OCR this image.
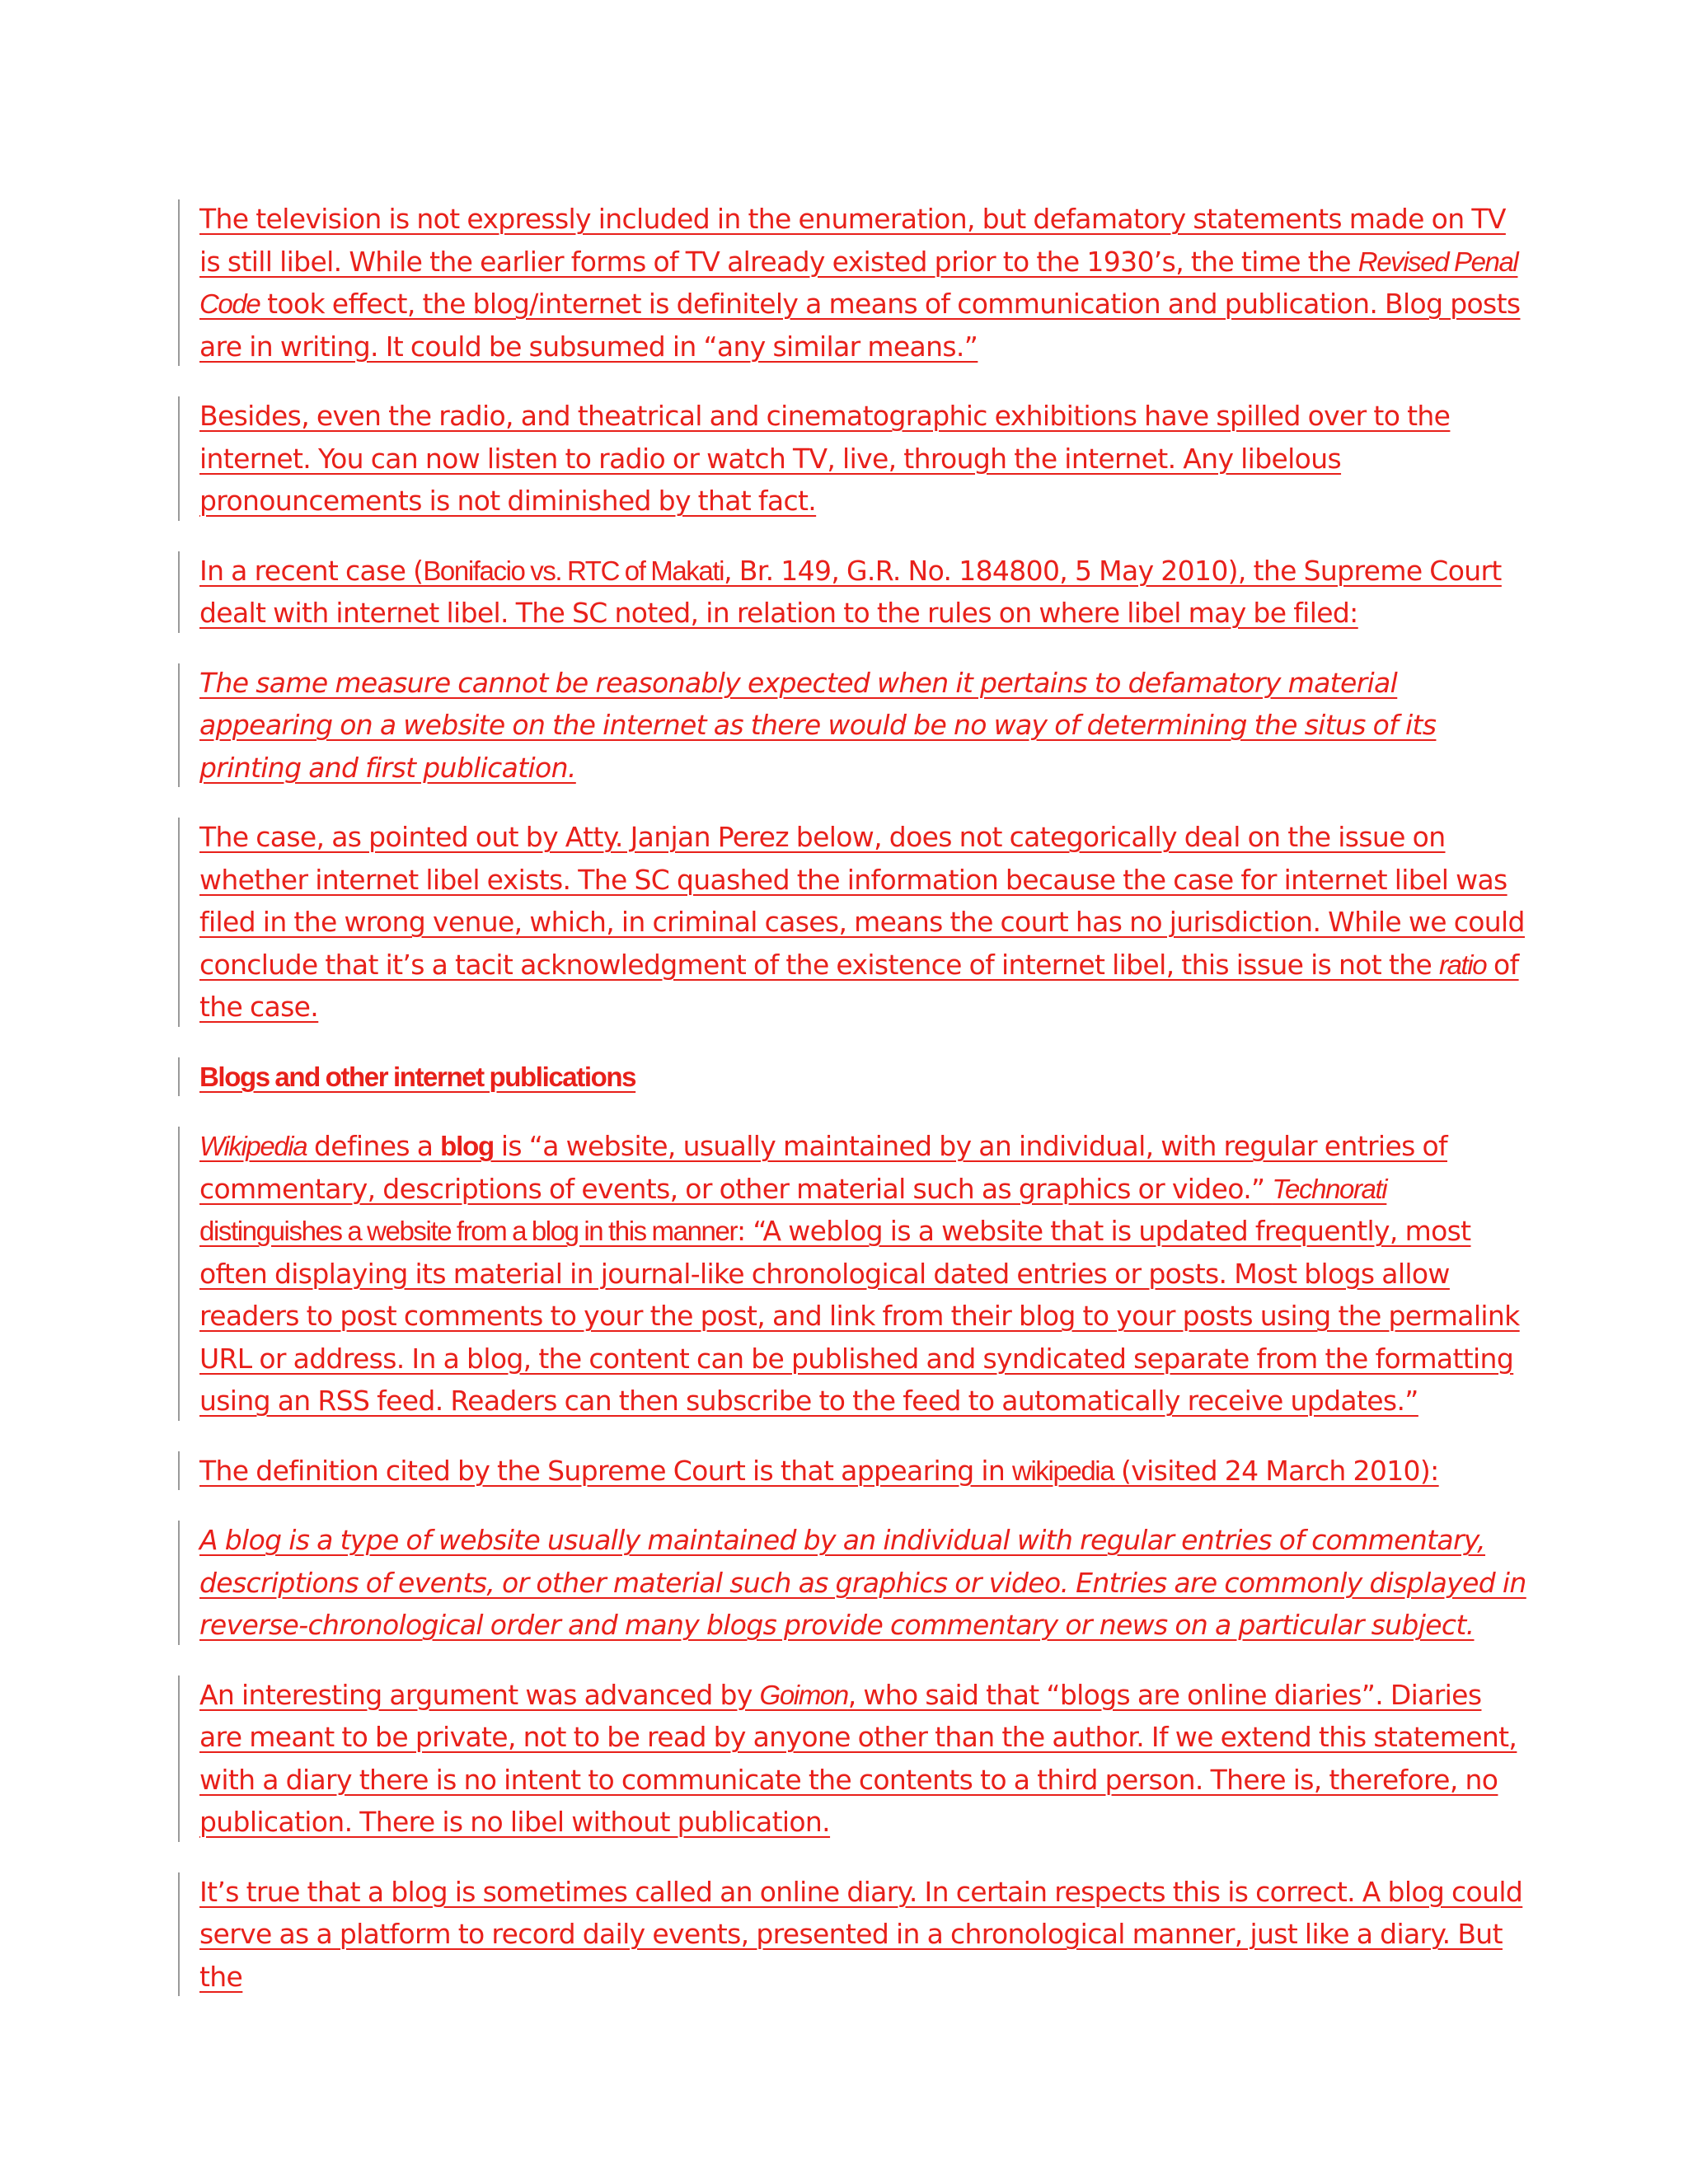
The television is not expressly included in the enumeration, but defamatory statements made on TV is still libel. While the earlier forms of TV already existed prior to the 1930’s, the time the Revised Penal Code took effect, the blog/internet is definitely a means of communication and publication. Blog posts are in writing. It could be subsumed in “any similar means.”

Besides, even the radio, and theatrical and cinematographic exhibitions have spilled over to the internet. You can now listen to radio or watch TV, live, through the internet. Any libelous pronouncements is not diminished by that fact.

In a recent case (Bonifacio vs. RTC of Makati, Br. 149, G.R. No. 184800, 5 May 2010), the Supreme Court dealt with internet libel. The SC noted, in relation to the rules on where libel may be filed:

The same measure cannot be reasonably expected when it pertains to defamatory material appearing on a website on the internet as there would be no way of determining the situs of its printing and first publication.

The case, as pointed out by Atty. Janjan Perez below, does not categorically deal on the issue on whether internet libel exists. The SC quashed the information because the case for internet libel was filed in the wrong venue, which, in criminal cases, means the court has no jurisdiction. While we could conclude that it’s a tacit acknowledgment of the existence of internet libel, this issue is not the ratio of the case.

Blogs and other internet publications

Wikipedia defines a blog is “a website, usually maintained by an individual, with regular entries of commentary, descriptions of events, or other material such as graphics or video.” Technorati distinguishes a website from a blog in this manner: “A weblog is a website that is updated frequently, most often displaying its material in journal-like chronological dated entries or posts. Most blogs allow readers to post comments to your the post, and link from their blog to your posts using the permalink URL or address. In a blog, the content can be published and syndicated separate from the formatting using an RSS feed. Readers can then subscribe to the feed to automatically receive updates.”

The definition cited by the Supreme Court is that appearing in wikipedia (visited 24 March 2010):

A blog is a type of website usually maintained by an individual with regular entries of commentary, descriptions of events, or other material such as graphics or video. Entries are commonly displayed in reverse-chronological order and many blogs provide commentary or news on a particular subject.

An interesting argument was advanced by Goimon, who said that “blogs are online diaries”. Diaries are meant to be private, not to be read by anyone other than the author. If we extend this statement, with a diary there is no intent to communicate the contents to a third person. There is, therefore, no publication. There is no libel without publication.

It’s true that a blog is sometimes called an online diary. In certain respects this is correct. A blog could serve as a platform to record daily events, presented in a chronological manner, just like a diary. But the
